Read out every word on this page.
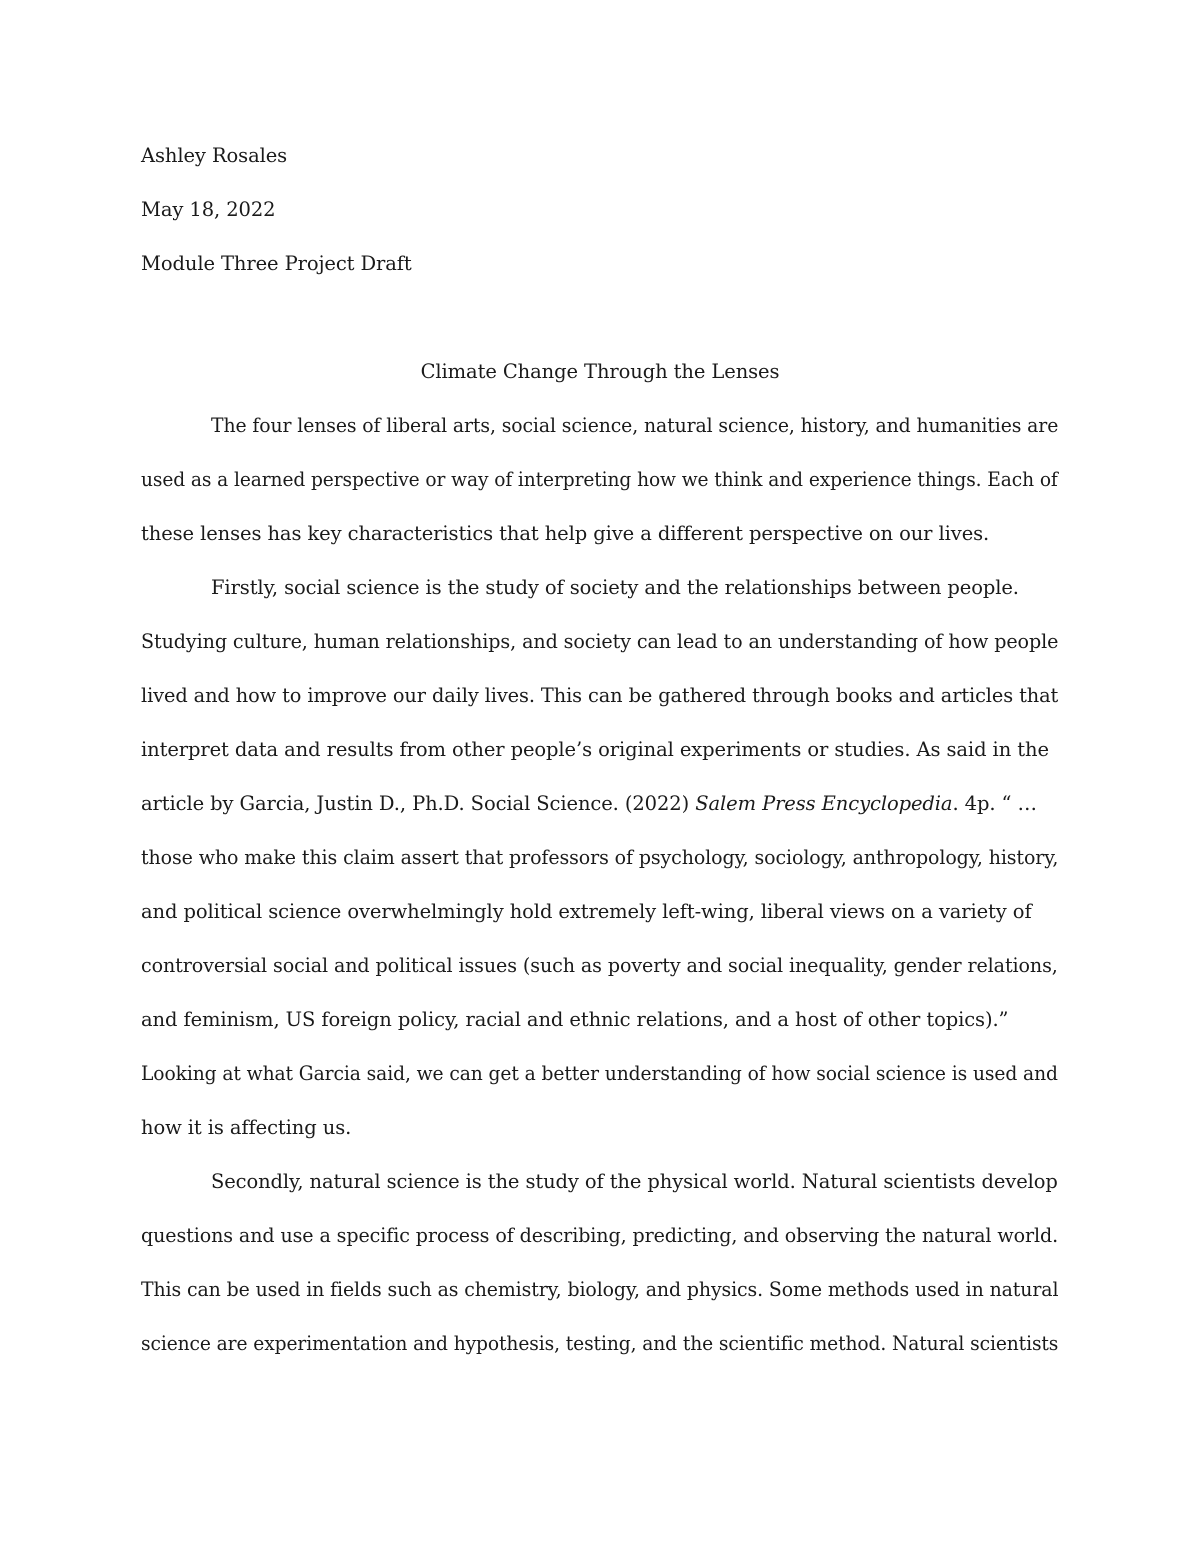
Ashley Rosales
May 18, 2022
Module Three Project Draft
Climate Change Through the Lenses
The four lenses of liberal arts, social science, natural science, history, and humanities are
used as a learned perspective or way of interpreting how we think and experience things. Each of
these lenses has key characteristics that help give a different perspective on our lives.
Firstly, social science is the study of society and the relationships between people.
Studying culture, human relationships, and society can lead to an understanding of how people
lived and how to improve our daily lives. This can be gathered through books and articles that
interpret data and results from other people’s original experiments or studies. As said in the
article by Garcia, Justin D., Ph.D. Social Science. (2022) Salem Press Encyclopedia. 4p. “ …
those who make this claim assert that professors of psychology, sociology, anthropology, history,
and political science overwhelmingly hold extremely left-wing, liberal views on a variety of
controversial social and political issues (such as poverty and social inequality, gender relations,
and feminism, US foreign policy, racial and ethnic relations, and a host of other topics).”
Looking at what Garcia said, we can get a better understanding of how social science is used and
how it is affecting us.
Secondly, natural science is the study of the physical world. Natural scientists develop
questions and use a specific process of describing, predicting, and observing the natural world.
This can be used in fields such as chemistry, biology, and physics. Some methods used in natural
science are experimentation and hypothesis, testing, and the scientific method. Natural scientists
